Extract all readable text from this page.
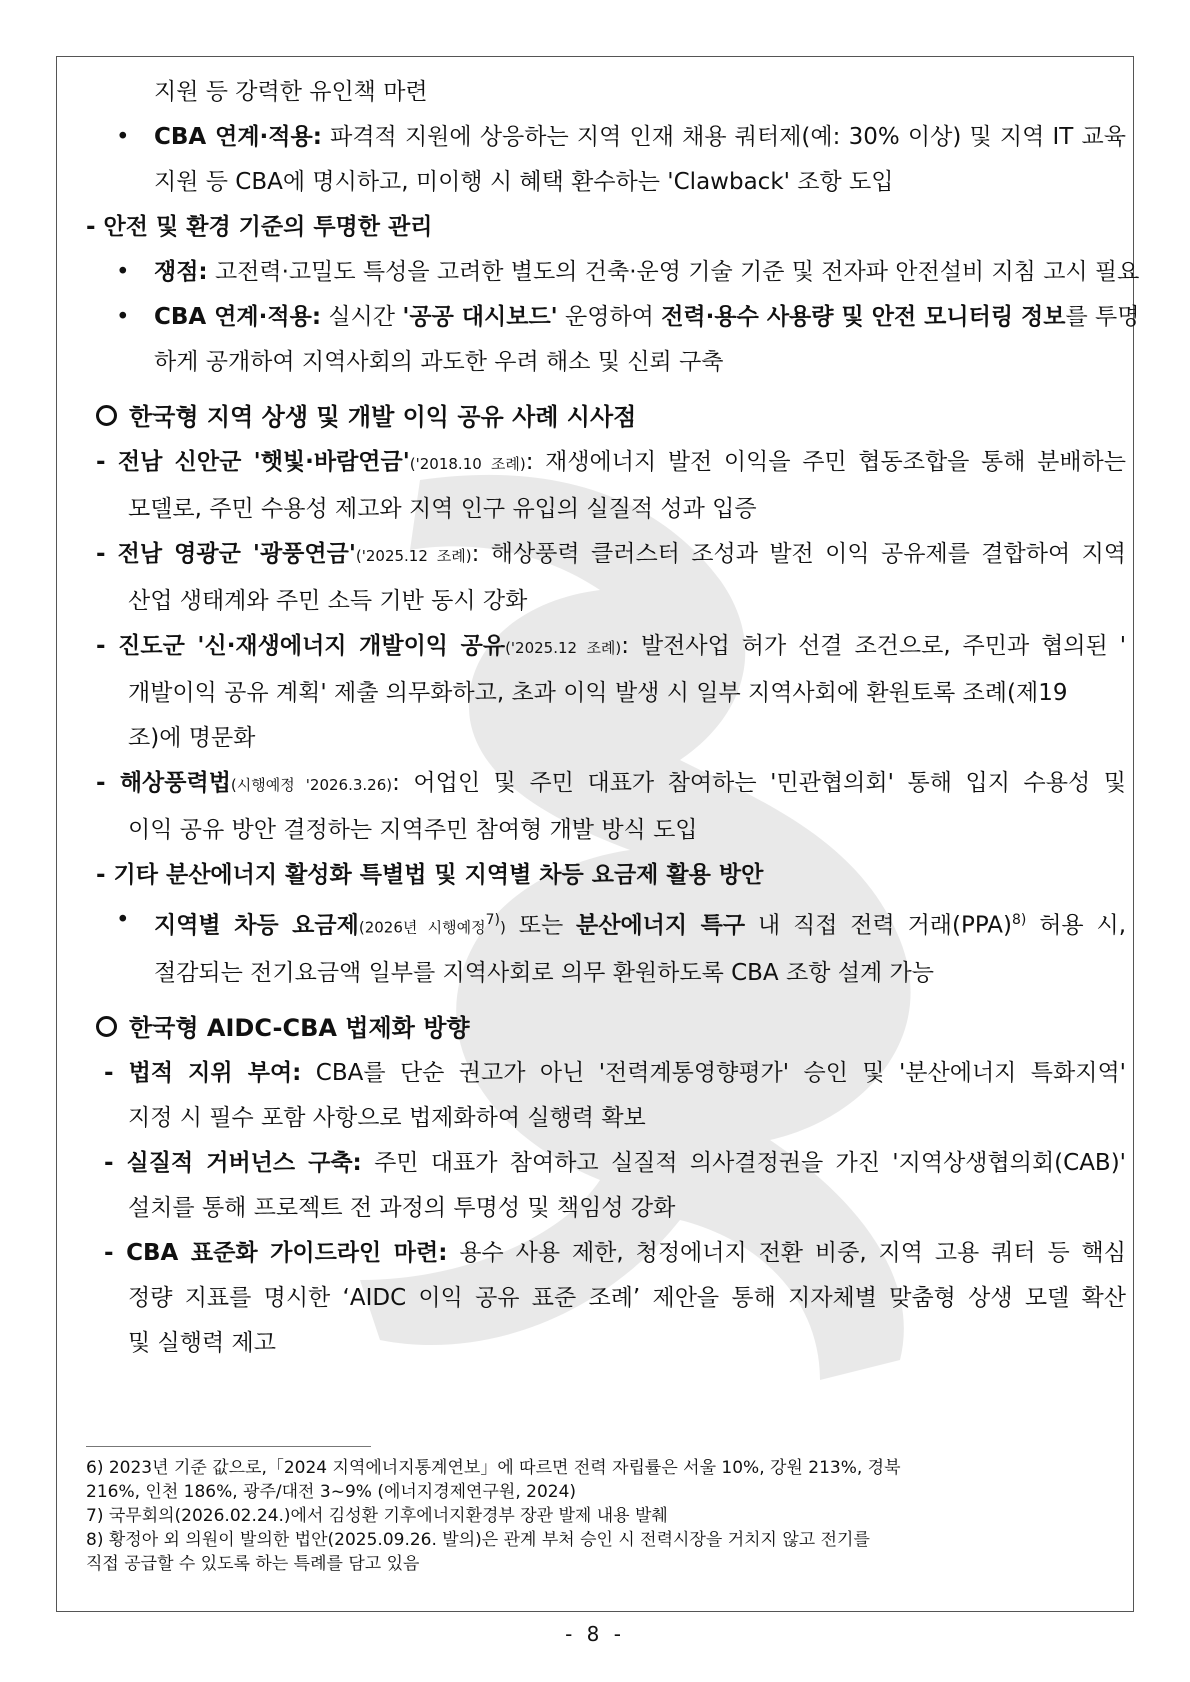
지원 등 강력한 유인책 마련
• CBA 연계·적용: 파격적 지원에 상응하는 지역 인재 채용 쿼터제(예: 30% 이상) 및 지역 IT 교육
지원 등 CBA에 명시하고, 미이행 시 혜택 환수하는 'Clawback' 조항 도입
- 안전 및 환경 기준의 투명한 관리
• 쟁점: 고전력·고밀도 특성을 고려한 별도의 건축·운영 기술 기준 및 전자파 안전설비 지침 고시 필요
• CBA 연계·적용: 실시간 '공공 대시보드' 운영하여 전력·용수 사용량 및 안전 모니터링 정보를 투명
하게 공개하여 지역사회의 과도한 우려 해소 및 신뢰 구축
한국형 지역 상생 및 개발 이익 공유 사례 시사점
- 전남 신안군 '햇빛·바람연금'('2018.10 조례): 재생에너지 발전 이익을 주민 협동조합을 통해 분배하는
모델로, 주민 수용성 제고와 지역 인구 유입의 실질적 성과 입증
- 전남 영광군 '광풍연금'('2025.12 조례): 해상풍력 클러스터 조성과 발전 이익 공유제를 결합하여 지역
산업 생태계와 주민 소득 기반 동시 강화
- 진도군 '신·재생에너지 개발이익 공유('2025.12 조례): 발전사업 허가 선결 조건으로, 주민과 협의된 '
개발이익 공유 계획' 제출 의무화하고, 초과 이익 발생 시 일부 지역사회에 환원토록 조례(제19
조)에 명문화
- 해상풍력법(시행예정 '2026.3.26): 어업인 및 주민 대표가 참여하는 '민관협의회' 통해 입지 수용성 및
이익 공유 방안 결정하는 지역주민 참여형 개발 방식 도입
- 기타 분산에너지 활성화 특별법 및 지역별 차등 요금제 활용 방안
• 지역별 차등 요금제(2026년 시행예정$^{7)}$) 또는 분산에너지 특구 내 직접 전력 거래(PPA)$^{8)}$ 허용 시,
절감되는 전기요금액 일부를 지역사회로 의무 환원하도록 CBA 조항 설계 가능
한국형 AIDC-CBA 법제화 방향
- 법적 지위 부여: CBA를 단순 권고가 아닌 '전력계통영향평가' 승인 및 '분산에너지 특화지역'
지정 시 필수 포함 사항으로 법제화하여 실행력 확보
- 실질적 거버넌스 구축: 주민 대표가 참여하고 실질적 의사결정권을 가진 '지역상생협의회(CAB)'
설치를 통해 프로젝트 전 과정의 투명성 및 책임성 강화
- CBA 표준화 가이드라인 마련: 용수 사용 제한, 청정에너지 전환 비중, 지역 고용 쿼터 등 핵심
정량 지표를 명시한 ‘AIDC 이익 공유 표준 조례’ 제안을 통해 지자체별 맞춤형 상생 모델 확산
및 실행력 제고
6) 2023년 기준 값으로,「2024 지역에너지통계연보」에 따르면 전력 자립률은 서울 10%, 강원 213%, 경북
216%, 인천 186%, 광주/대전 3~9% (에너지경제연구원, 2024)
7) 국무회의(2026.02.24.)에서 김성환 기후에너지환경부 장관 발제 내용 발췌
8) 황정아 외 의원이 발의한 법안(2025.09.26. 발의)은 관계 부처 승인 시 전력시장을 거치지 않고 전기를
직접 공급할 수 있도록 하는 특례를 담고 있음
- 8 -
